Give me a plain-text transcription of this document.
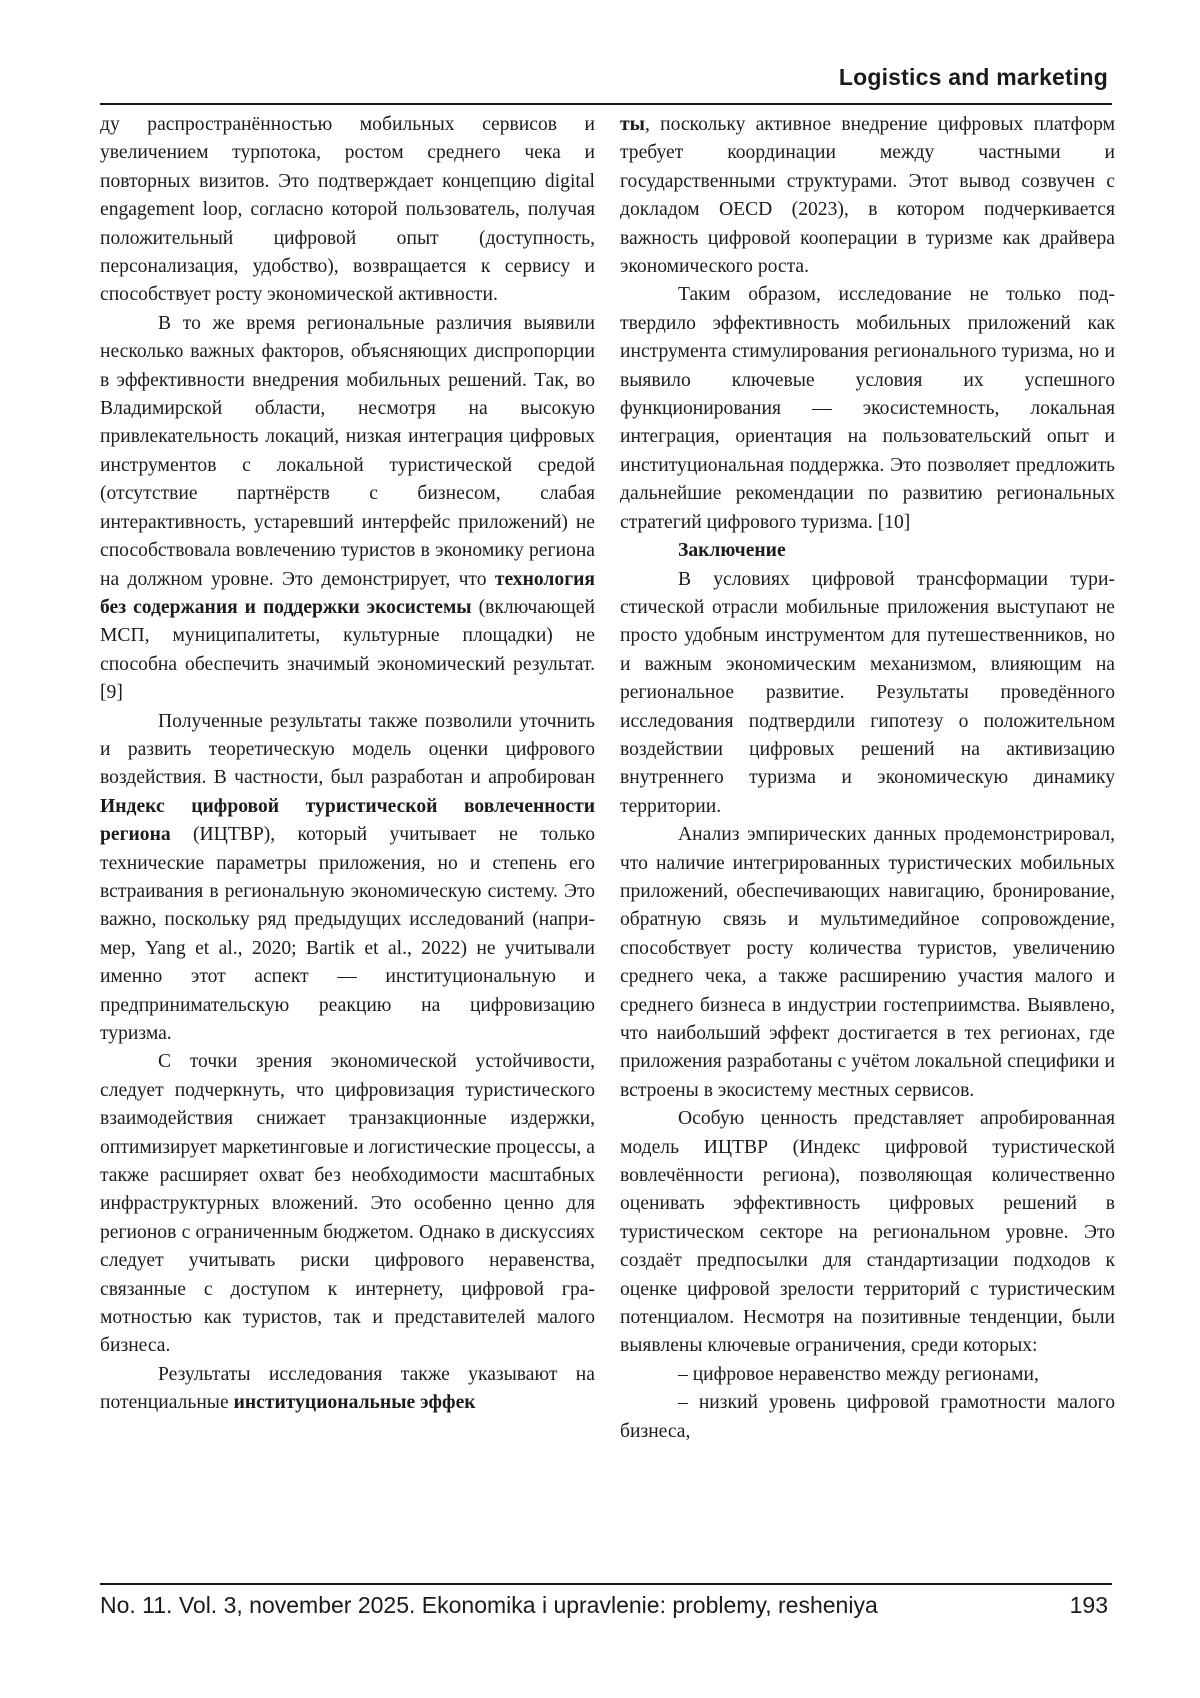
Logistics and marketing

ду распространённостью мобильных сервисов и увеличением турпотока, ростом среднего чека и повторных визитов. Это подтверждает концепцию digital engagement loop, согласно которой пользователь, получая положительный цифровой опыт (доступность, персонализация, удобство), возвращается к сервису и способствует росту экономической активности.

В то же время региональные различия выявили несколько важных факторов, объясняющих диспропорции в эффективности внедрения мобильных решений. Так, во Владимирской области, несмотря на высокую привлекательность локаций, низкая интеграция цифровых инструментов с локальной туристической средой (отсутствие партнёрств с бизнесом, слабая интерактивность, устаревший интерфейс приложений) не способствовала вовлечению туристов в экономику региона на должном уровне. Это демонстрирует, что технология без содержания и поддержки экосистемы (включающей МСП, муниципалитеты, культурные площадки) не способна обеспечить значимый экономический результат. [9]

Полученные результаты также позволили уточнить и развить теоретическую модель оценки цифрового воздействия. В частности, был разработан и апробирован Индекс цифровой туристической вовлеченности региона (ИЦТВР), который учитывает не только технические параметры приложения, но и степень его встраивания в региональную экономическую систему. Это важно, поскольку ряд предыдущих исследований (например, Yang et al., 2020; Bartik et al., 2022) не учитывали именно этот аспект — институциональную и предпринимательскую реакцию на цифровизацию туризма.

С точки зрения экономической устойчивости, следует подчеркнуть, что цифровизация туристического взаимодействия снижает транзакционные издержки, оптимизирует маркетинговые и логистические процессы, а также расширяет охват без необходимости масштабных инфраструктурных вложений. Это особенно ценно для регионов с ограниченным бюджетом. Однако в дискуссиях следует учитывать риски цифрового неравенства, связанные с доступом к интернету, цифровой грамотностью как туристов, так и представителей малого бизнеса.

Результаты исследования также указывают на потенциальные институциональные эффек

ты, поскольку активное внедрение цифровых платформ требует координации между частными и государственными структурами. Этот вывод созвучен с докладом OECD (2023), в котором подчеркивается важность цифровой кооперации в туризме как драйвера экономического роста.

Таким образом, исследование не только подтвердило эффективность мобильных приложений как инструмента стимулирования регионального туризма, но и выявило ключевые условия их успешного функционирования — экосистемность, локальная интеграция, ориентация на пользовательский опыт и институциональная поддержка. Это позволяет предложить дальнейшие рекомендации по развитию региональных стратегий цифрового туризма. [10]

Заключение

В условиях цифровой трансформации туристической отрасли мобильные приложения выступают не просто удобным инструментом для путешественников, но и важным экономическим механизмом, влияющим на региональное развитие. Результаты проведённого исследования подтвердили гипотезу о положительном воздействии цифровых решений на активизацию внутреннего туризма и экономическую динамику территории.

Анализ эмпирических данных продемонстрировал, что наличие интегрированных туристических мобильных приложений, обеспечивающих навигацию, бронирование, обратную связь и мультимедийное сопровождение, способствует росту количества туристов, увеличению среднего чека, а также расширению участия малого и среднего бизнеса в индустрии гостеприимства. Выявлено, что наибольший эффект достигается в тех регионах, где приложения разработаны с учётом локальной специфики и встроены в экосистему местных сервисов.

Особую ценность представляет апробированная модель ИЦТВР (Индекс цифровой туристической вовлечённости региона), позволяющая количественно оценивать эффективность цифровых решений в туристическом секторе на региональном уровне. Это создаёт предпосылки для стандартизации подходов к оценке цифровой зрелости территорий с туристическим потенциалом. Несмотря на позитивные тенденции, были выявлены ключевые ограничения, среди которых:

– цифровое неравенство между регионами,

– низкий уровень цифровой грамотности малого бизнеса,

No. 11. Vol. 3, november 2025. Ekonomika i upravlenie: problemy, resheniya	193
